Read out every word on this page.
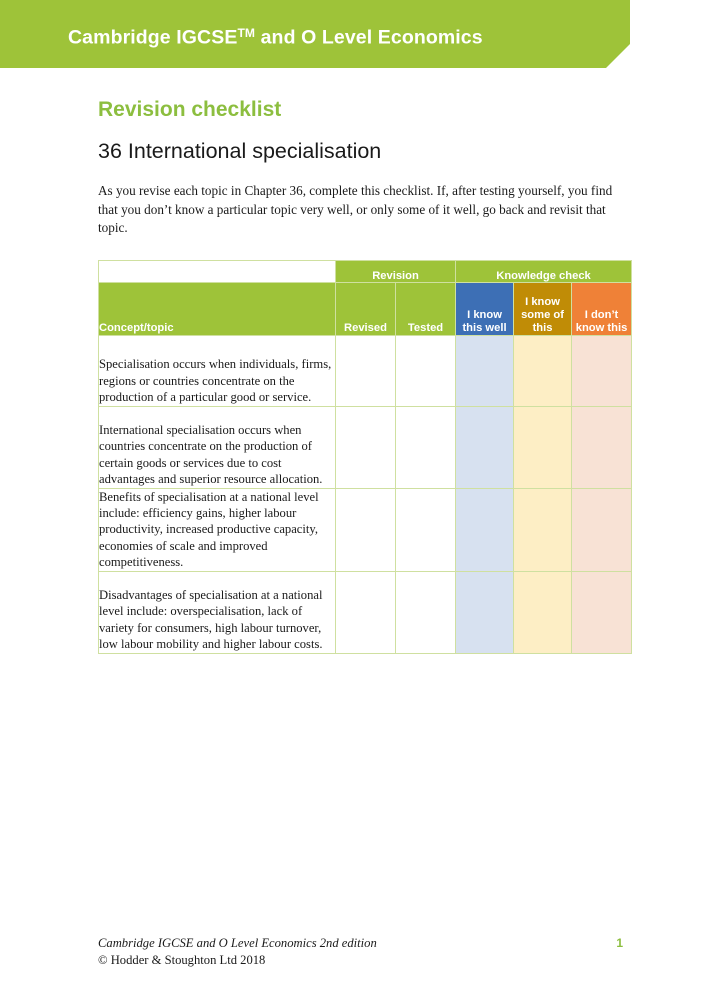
Cambridge IGCSE™ and O Level Economics
Revision checklist
36 International specialisation

As you revise each topic in Chapter 36, complete this checklist. If, after testing yourself, you find that you don’t know a particular topic very well, or only some of it well, go back and revisit that topic.

	Revision		Knowledge check		
Concept/topic	Revised	Tested	I know this well	I know some of this	I don’t know this
Specialisation occurs when individuals, firms, regions or countries concentrate on the production of a particular good or service.					
International specialisation occurs when countries concentrate on the production of certain goods or services due to cost advantages and superior resource allocation.					
Benefits of specialisation at a national level include: efficiency gains, higher labour productivity, increased productive capacity, economies of scale and improved competitiveness.					
Disadvantages of specialisation at a national level include: overspecialisation, lack of variety for consumers, high labour turnover, low labour mobility and higher labour costs.					

Cambridge IGCSE and O Level Economics 2nd edition

© Hodder & Stoughton Ltd 2018

1
